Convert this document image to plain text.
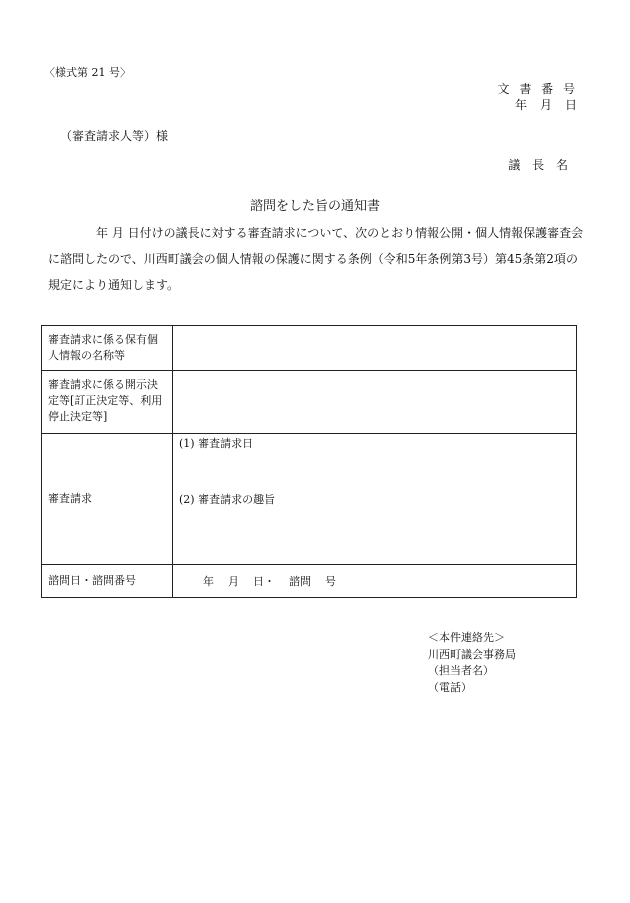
〈様式第 21 号〉
文 書 番 号
年 月 日
（審査請求人等）様
議 長 名
諮問をした旨の通知書

年 月 日付けの議長に対する審査請求について、次のとおり情報公開・個人情報保護審査会に諮問したので、川西町議会の個人情報の保護に関する条例（令和5年条例第3号）第45条第2項の規定により通知します。

審査請求に係る保有個人情報の名称等	
審査請求に係る開示決定等[訂正決定等、利用停止決定等]	
審査請求	(1) 審査請求日
(2) 審査請求の趣旨

諮問日・諮問番号	年 月 日・ 諮問 号
＜本件連絡先＞
川西町議会事務局
（担当者名）
（電話）
